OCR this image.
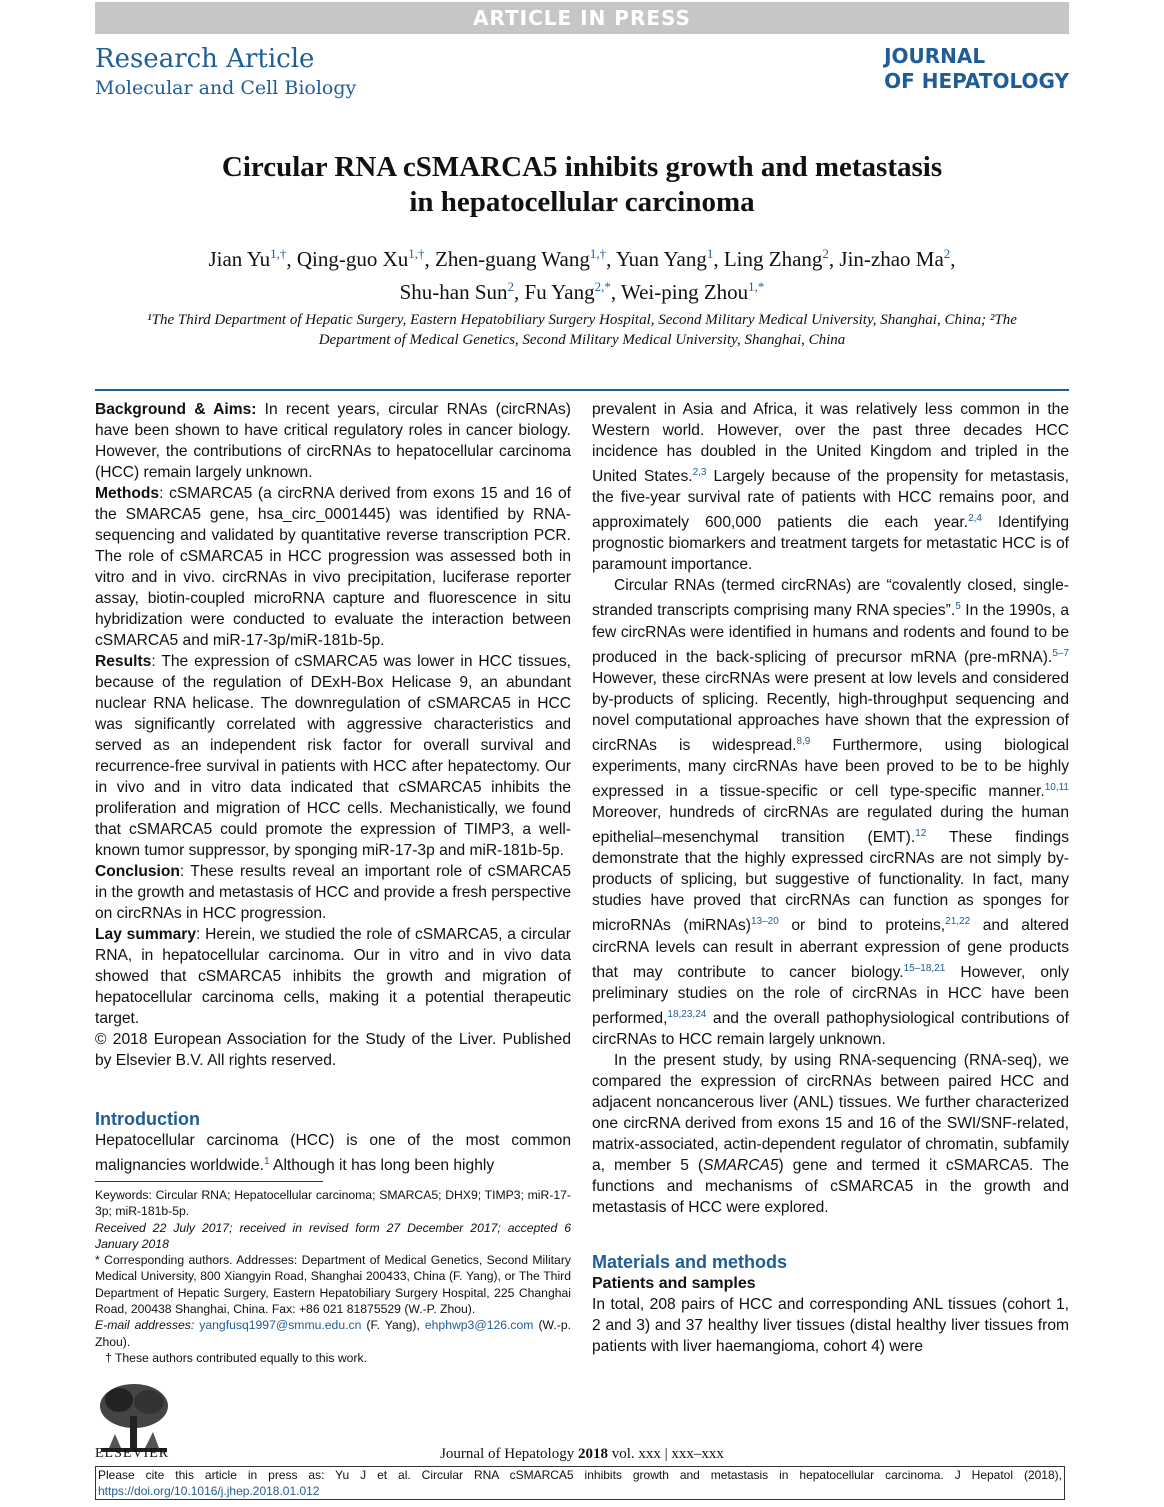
ARTICLE IN PRESS
Research Article
Molecular and Cell Biology
JOURNAL
OF HEPATOLOGY
Circular RNA cSMARCA5 inhibits growth and metastasis
in hepatocellular carcinoma
Jian $Yu^{1,\dagger}$, Qing-guo $Xu^{1,\dagger}$, Zhen-guang Wang$^{1,\dagger}$, Yuan Yang$^1$, Ling Zhang$^2$, Jin-zhao Ma$^2$,
Shu-han Sun$^2$, Fu Yang$^{2,*}$, Wei-ping Zhou$^{1,*}$
¹The Third Department of Hepatic Surgery, Eastern Hepatobiliary Surgery Hospital, Second Military Medical University, Shanghai, China; ²The
Department of Medical Genetics, Second Military Medical University, Shanghai, China

Background & Aims: In recent years, circular RNAs (circRNAs) have been shown to have critical regulatory roles in cancer biology. However, the contributions of circRNAs to hepatocellular carcinoma (HCC) remain largely unknown.

Methods: cSMARCA5 (a circRNA derived from exons 15 and 16 of the SMARCA5 gene, hsa_circ_0001445) was identified by RNA-sequencing and validated by quantitative reverse transcription PCR. The role of cSMARCA5 in HCC progression was assessed both in vitro and in vivo. circRNAs in vivo precipitation, luciferase reporter assay, biotin-coupled microRNA capture and fluorescence in situ hybridization were conducted to evaluate the interaction between cSMARCA5 and miR-17-3p/miR-181b-5p.

Results: The expression of cSMARCA5 was lower in HCC tissues, because of the regulation of DExH-Box Helicase 9, an abundant nuclear RNA helicase. The downregulation of cSMARCA5 in HCC was significantly correlated with aggressive characteristics and served as an independent risk factor for overall survival and recurrence-free survival in patients with HCC after hepatectomy. Our in vivo and in vitro data indicated that cSMARCA5 inhibits the proliferation and migration of HCC cells. Mechanistically, we found that cSMARCA5 could promote the expression of TIMP3, a well-known tumor suppressor, by sponging miR-17-3p and miR-181b-5p.

Conclusion: These results reveal an important role of cSMARCA5 in the growth and metastasis of HCC and provide a fresh perspective on circRNAs in HCC progression.

Lay summary: Herein, we studied the role of cSMARCA5, a circular RNA, in hepatocellular carcinoma. Our in vitro and in vivo data showed that cSMARCA5 inhibits the growth and migration of hepatocellular carcinoma cells, making it a potential therapeutic target.

© 2018 European Association for the Study of the Liver. Published by Elsevier B.V. All rights reserved.

Introduction

Hepatocellular carcinoma (HCC) is one of the most common malignancies worldwide.$^1$ Although it has long been highly

prevalent in Asia and Africa, it was relatively less common in the Western world. However, over the past three decades HCC incidence has doubled in the United Kingdom and tripled in the United States.$^{2,3}$ Largely because of the propensity for metastasis, the five-year survival rate of patients with HCC remains poor, and approximately 600,000 patients die each year.$^{2,4}$ Identifying prognostic biomarkers and treatment targets for metastatic HCC is of paramount importance.

Circular RNAs (termed circRNAs) are “covalently closed, single-stranded transcripts comprising many RNA species”.$^5$ In the 1990s, a few circRNAs were identified in humans and rodents and found to be produced in the back-splicing of precursor mRNA (pre-mRNA).$^{5-7}$ However, these circRNAs were present at low levels and considered by-products of splicing. Recently, high-throughput sequencing and novel computational approaches have shown that the expression of circRNAs is widespread.$^{8,9}$ Furthermore, using biological experiments, many circRNAs have been proved to be to be highly expressed in a tissue-specific or cell type-specific manner.$^{10,11}$ Moreover, hundreds of circRNAs are regulated during the human epithelial–mesenchymal transition (EMT).$^{12}$ These findings demonstrate that the highly expressed circRNAs are not simply by-products of splicing, but suggestive of functionality. In fact, many studies have proved that circRNAs can function as sponges for microRNAs (miRNAs)$^{13-20}$ or bind to proteins,$^{21,22}$ and altered circRNA levels can result in aberrant expression of gene products that may contribute to cancer biology.$^{15-18,21}$ However, only preliminary studies on the role of circRNAs in HCC have been performed,$^{18,23,24}$ and the overall pathophysiological contributions of circRNAs to HCC remain largely unknown.

In the present study, by using RNA-sequencing (RNA-seq), we compared the expression of circRNAs between paired HCC and adjacent noncancerous liver (ANL) tissues. We further characterized one circRNA derived from exons 15 and 16 of the SWI/SNF-related, matrix-associated, actin-dependent regulator of chromatin, subfamily a, member 5 (SMARCA5) gene and termed it cSMARCA5. The functions and mechanisms of cSMARCA5 in the growth and metastasis of HCC were explored.

Materials and methods

Patients and samples

In total, 208 pairs of HCC and corresponding ANL tissues (cohort 1, 2 and 3) and 37 healthy liver tissues (distal healthy liver tissues from patients with liver haemangioma, cohort 4) were

Keywords: Circular RNA; Hepatocellular carcinoma; SMARCA5; DHX9; TIMP3; miR-17-3p; miR-181b-5p.

Received 22 July 2017; received in revised form 27 December 2017; accepted 6 January 2018

* Corresponding authors. Addresses: Department of Medical Genetics, Second Military Medical University, 800 Xiangyin Road, Shanghai 200433, China (F. Yang), or The Third Department of Hepatic Surgery, Eastern Hepatobiliary Surgery Hospital, 225 Changhai Road, 200438 Shanghai, China. Fax: +86 021 81875529 (W.-P. Zhou).

E-mail addresses: yangfusq1997@smmu.edu.cn (F. Yang), ehphwp3@126.com (W.-p. Zhou).

† These authors contributed equally to this work.

ELSEVIER	Journal of Hepatology 2018 vol. xxx | xxx–xxx
Please cite this article in press as: Yu J et al. Circular RNA cSMARCA5 inhibits growth and metastasis in hepatocellular carcinoma. J Hepatol (2018), https://doi.org/10.1016/j.jhep.2018.01.012
